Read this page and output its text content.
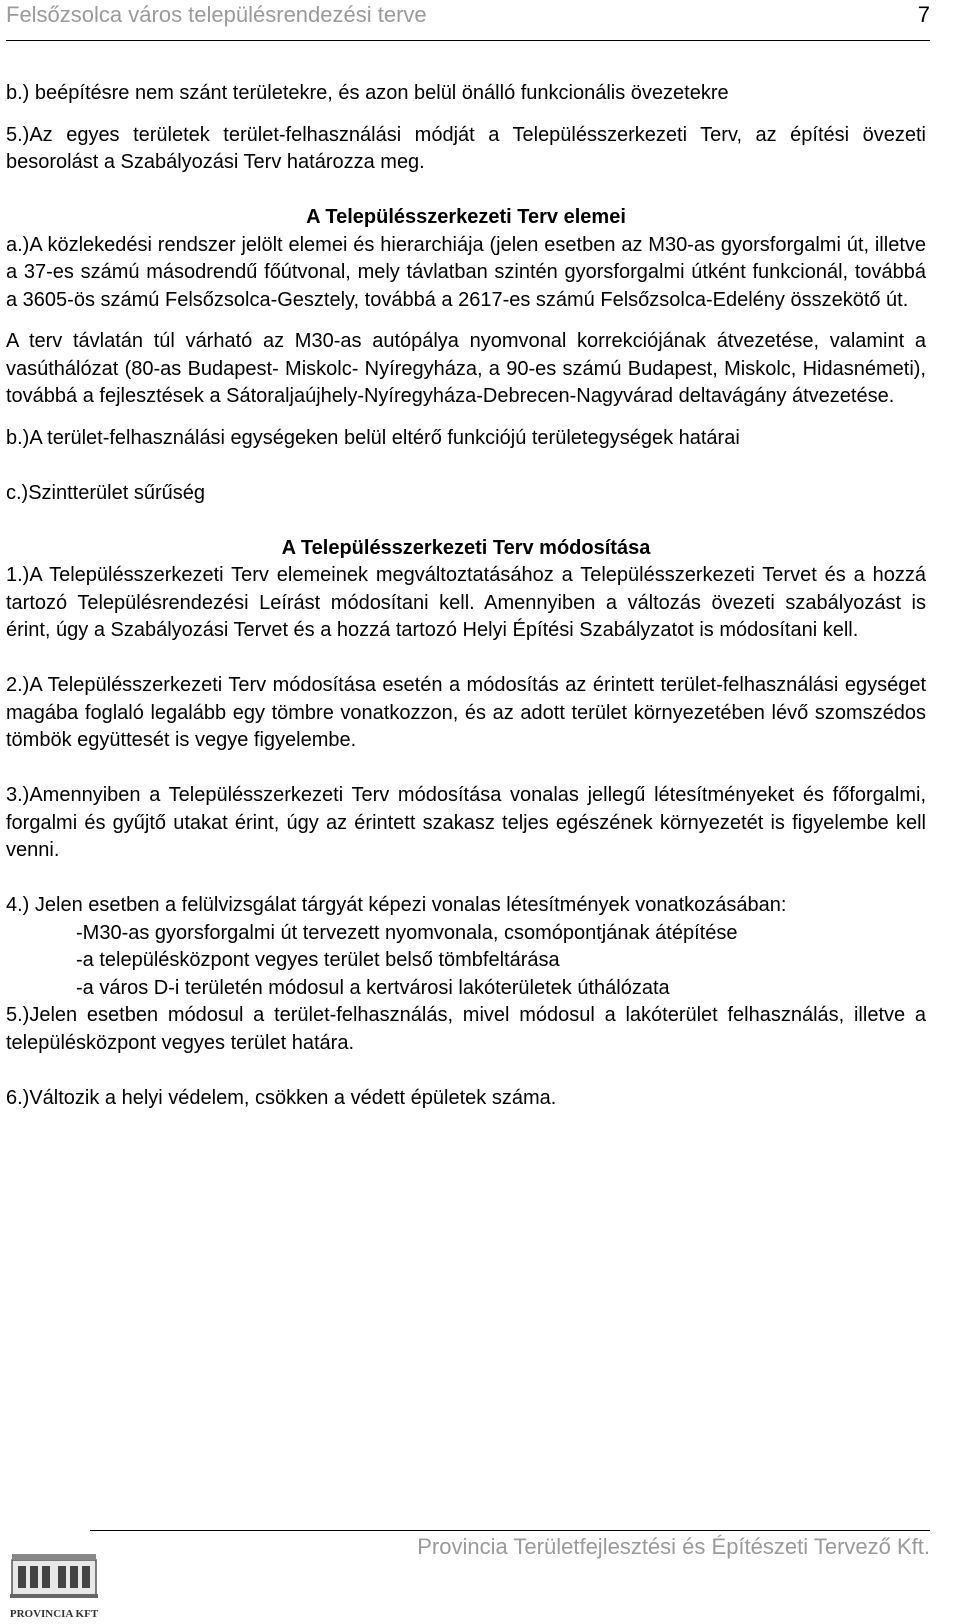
Felsőzsolca város településrendezési terve	7

b.) beépítésre nem szánt területekre, és azon belül önálló funkcionális övezetekre

5.)Az egyes területek terület-felhasználási módját a Településszerkezeti Terv, az építési övezeti besorolást a Szabályozási Terv határozza meg.

A Településszerkezeti Terv elemei

a.)A közlekedési rendszer jelölt elemei és hierarchiája (jelen esetben az M30-as gyorsforgalmi út, illetve a 37-es számú másodrendű főútvonal, mely távlatban szintén gyorsforgalmi útként funkcionál, továbbá a 3605-ös számú Felsőzsolca-Gesztely, továbbá a 2617-es számú Felsőzsolca-Edelény összekötő út.

A terv távlatán túl várható az M30-as autópálya nyomvonal korrekciójának átvezetése, valamint a vasúthálózat (80-as Budapest- Miskolc- Nyíregyháza, a 90-es számú Budapest, Miskolc, Hidasnémeti), továbbá a fejlesztések a Sátoraljaújhely-Nyíregyháza-Debrecen-Nagyvárad deltavágány átvezetése.

b.)A terület-felhasználási egységeken belül eltérő funkciójú területegységek határai

c.)Szintterület sűrűség

A Településszerkezeti Terv módosítása

1.)A Településszerkezeti Terv elemeinek megváltoztatásához a Településszerkezeti Tervet és a hozzá tartozó Településrendezési Leírást módosítani kell. Amennyiben a változás övezeti szabályozást is érint, úgy a Szabályozási Tervet és a hozzá tartozó Helyi Építési Szabályzatot is módosítani kell.

2.)A Településszerkezeti Terv módosítása esetén a módosítás az érintett terület-felhasználási egységet magába foglaló legalább egy tömbre vonatkozzon, és az adott terület környezetében lévő szomszédos tömbök együttesét is vegye figyelembe.

3.)Amennyiben a Településszerkezeti Terv módosítása vonalas jellegű létesítményeket és főforgalmi, forgalmi és gyűjtő utakat érint, úgy az érintett szakasz teljes egészének környezetét is figyelembe kell venni.

4.) Jelen esetben a felülvizsgálat tárgyát képezi vonalas létesítmények vonatkozásában:

-M30-as gyorsforgalmi út tervezett nyomvonala, csomópontjának átépítése

-a településközpont vegyes terület belső tömbfeltárása

-a város D-i területén módosul a kertvárosi lakóterületek úthálózata

5.)Jelen esetben módosul a terület-felhasználás, mivel módosul a lakóterület felhasználás, illetve a településközpont vegyes terület határa.

6.)Változik a helyi védelem, csökken a védett épületek száma.

Provincia Területfejlesztési és Építészeti Tervező Kft.
PROVINCIA KFT
